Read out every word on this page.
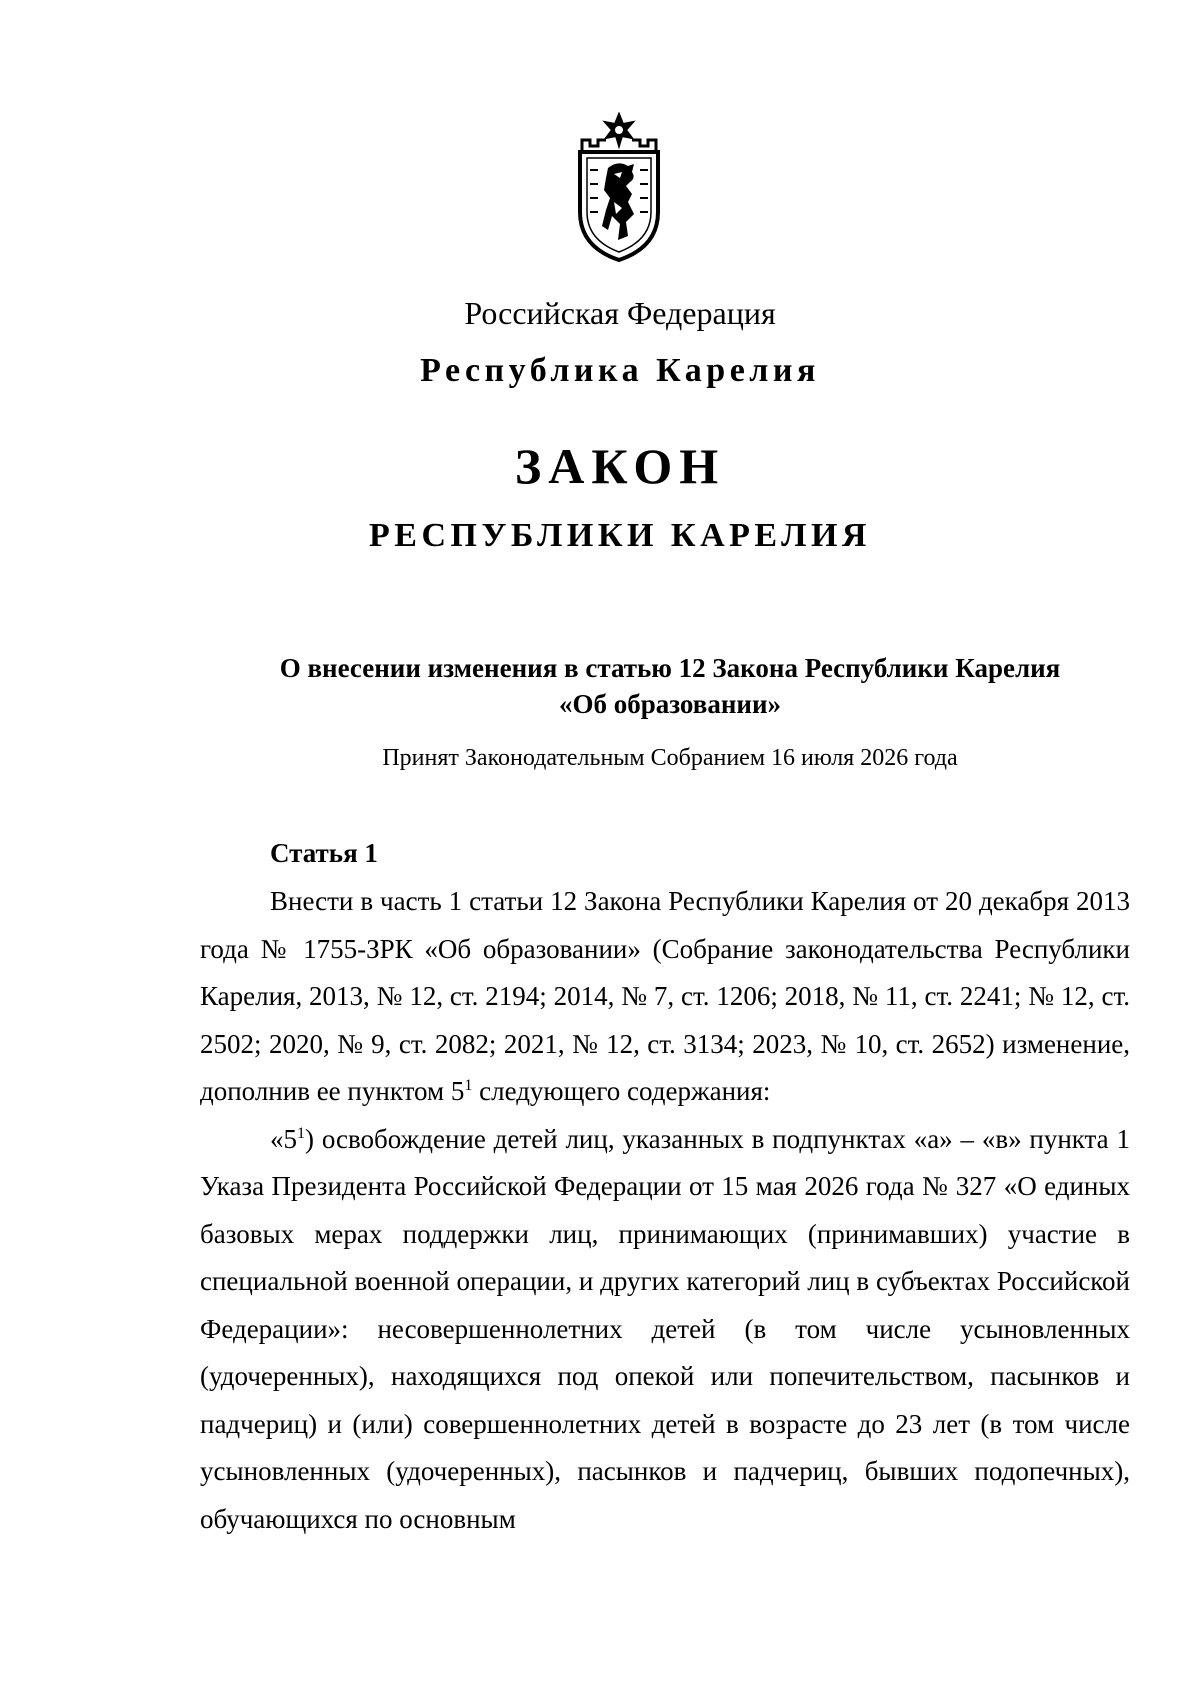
Российская Федерация
Республика Карелия
ЗАКОН
РЕСПУБЛИКИ КАРЕЛИЯ
О внесении изменения в статью 12 Закона Республики Карелия
«Об образовании»
Принят Законодательным Собранием 16 июля 2026 года
Статья 1

Внести в часть 1 статьи 12 Закона Республики Карелия от 20 декабря 2013 года № 1755-ЗРК «Об образовании» (Собрание законодательства Республики Карелия, 2013, № 12, ст. 2194; 2014, № 7, ст. 1206; 2018, № 11, ст. 2241; № 12, ст. 2502; 2020, № 9, ст. 2082; 2021, № 12, ст. 3134; 2023, № 10, ст. 2652) изменение, дополнив ее пунктом $5^1$ следующего содержания:

«$5^1$) освобождение детей лиц, указанных в подпунктах «а» – «в» пункта 1 Указа Президента Российской Федерации от 15 мая 2026 года № 327 «О единых базовых мерах поддержки лиц, принимающих (принимавших) участие в специальной военной операции, и других категорий лиц в субъектах Российской Федерации»: несовершеннолетних детей (в том числе усыновленных (удочеренных), находящихся под опекой или попечительством, пасынков и падчериц) и (или) совершеннолетних детей в возрасте до 23 лет (в том числе усыновленных (удочеренных), пасынков и падчериц, бывших подопечных), обучающихся по основным
